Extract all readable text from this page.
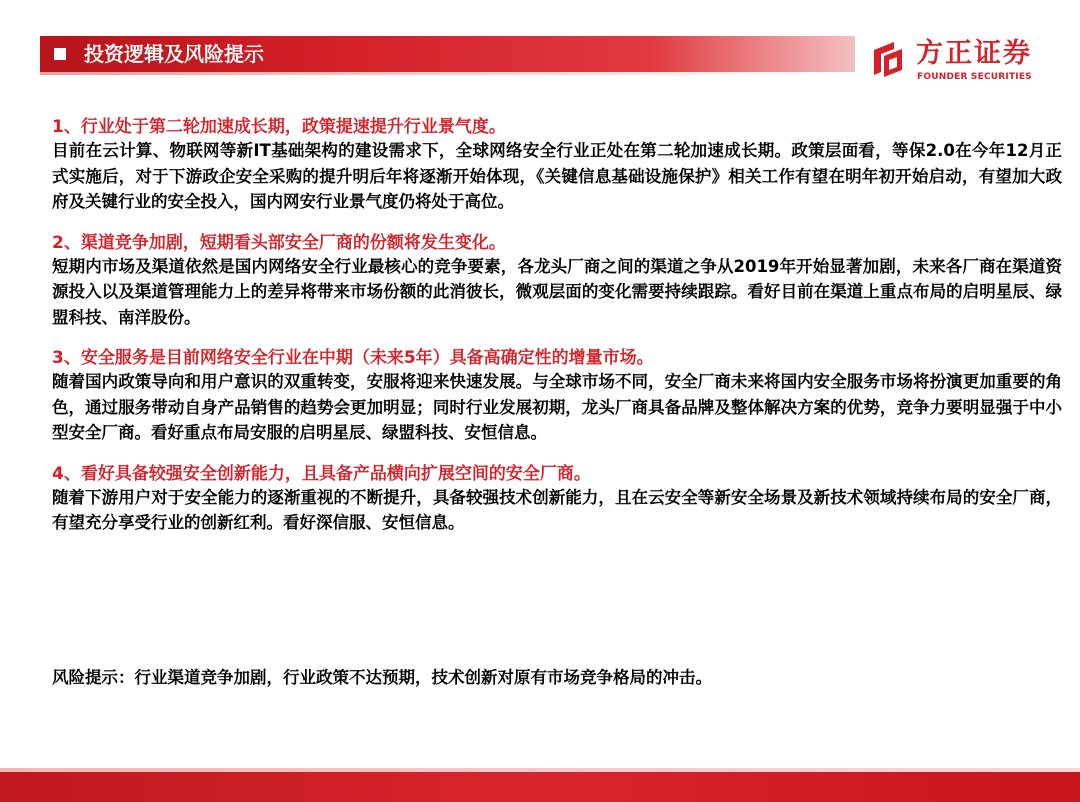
投资逻辑及风险提示	方正证券
FOUNDER SECURITIES
1、行业处于第二轮加速成长期，政策提速提升行业景气度。
目前在云计算、物联网等新IT基础架构的建设需求下，全球网络安全行业正处在第二轮加速成长期。政策层面看，等保2.0在今年12月正式实施后，对于下游政企安全采购的提升明后年将逐渐开始体现，《关键信息基础设施保护》相关工作有望在明年初开始启动，有望加大政府及关键行业的安全投入，国内网安行业景气度仍将处于高位。
2、渠道竞争加剧，短期看头部安全厂商的份额将发生变化。
短期内市场及渠道依然是国内网络安全行业最核心的竞争要素，各龙头厂商之间的渠道之争从2019年开始显著加剧，未来各厂商在渠道资源投入以及渠道管理能力上的差异将带来市场份额的此消彼长，微观层面的变化需要持续跟踪。看好目前在渠道上重点布局的启明星辰、绿盟科技、南洋股份。
3、安全服务是目前网络安全行业在中期（未来5年）具备高确定性的增量市场。
随着国内政策导向和用户意识的双重转变，安服将迎来快速发展。与全球市场不同，安全厂商未来将国内安全服务市场将扮演更加重要的角色，通过服务带动自身产品销售的趋势会更加明显；同时行业发展初期，龙头厂商具备品牌及整体解决方案的优势，竞争力要明显强于中小型安全厂商。看好重点布局安服的启明星辰、绿盟科技、安恒信息。
4、看好具备较强安全创新能力，且具备产品横向扩展空间的安全厂商。
随着下游用户对于安全能力的逐渐重视的不断提升，具备较强技术创新能力，且在云安全等新安全场景及新技术领域持续布局的安全厂商，有望充分享受行业的创新红利。看好深信服、安恒信息。
风险提示：行业渠道竞争加剧，行业政策不达预期，技术创新对原有市场竞争格局的冲击。
